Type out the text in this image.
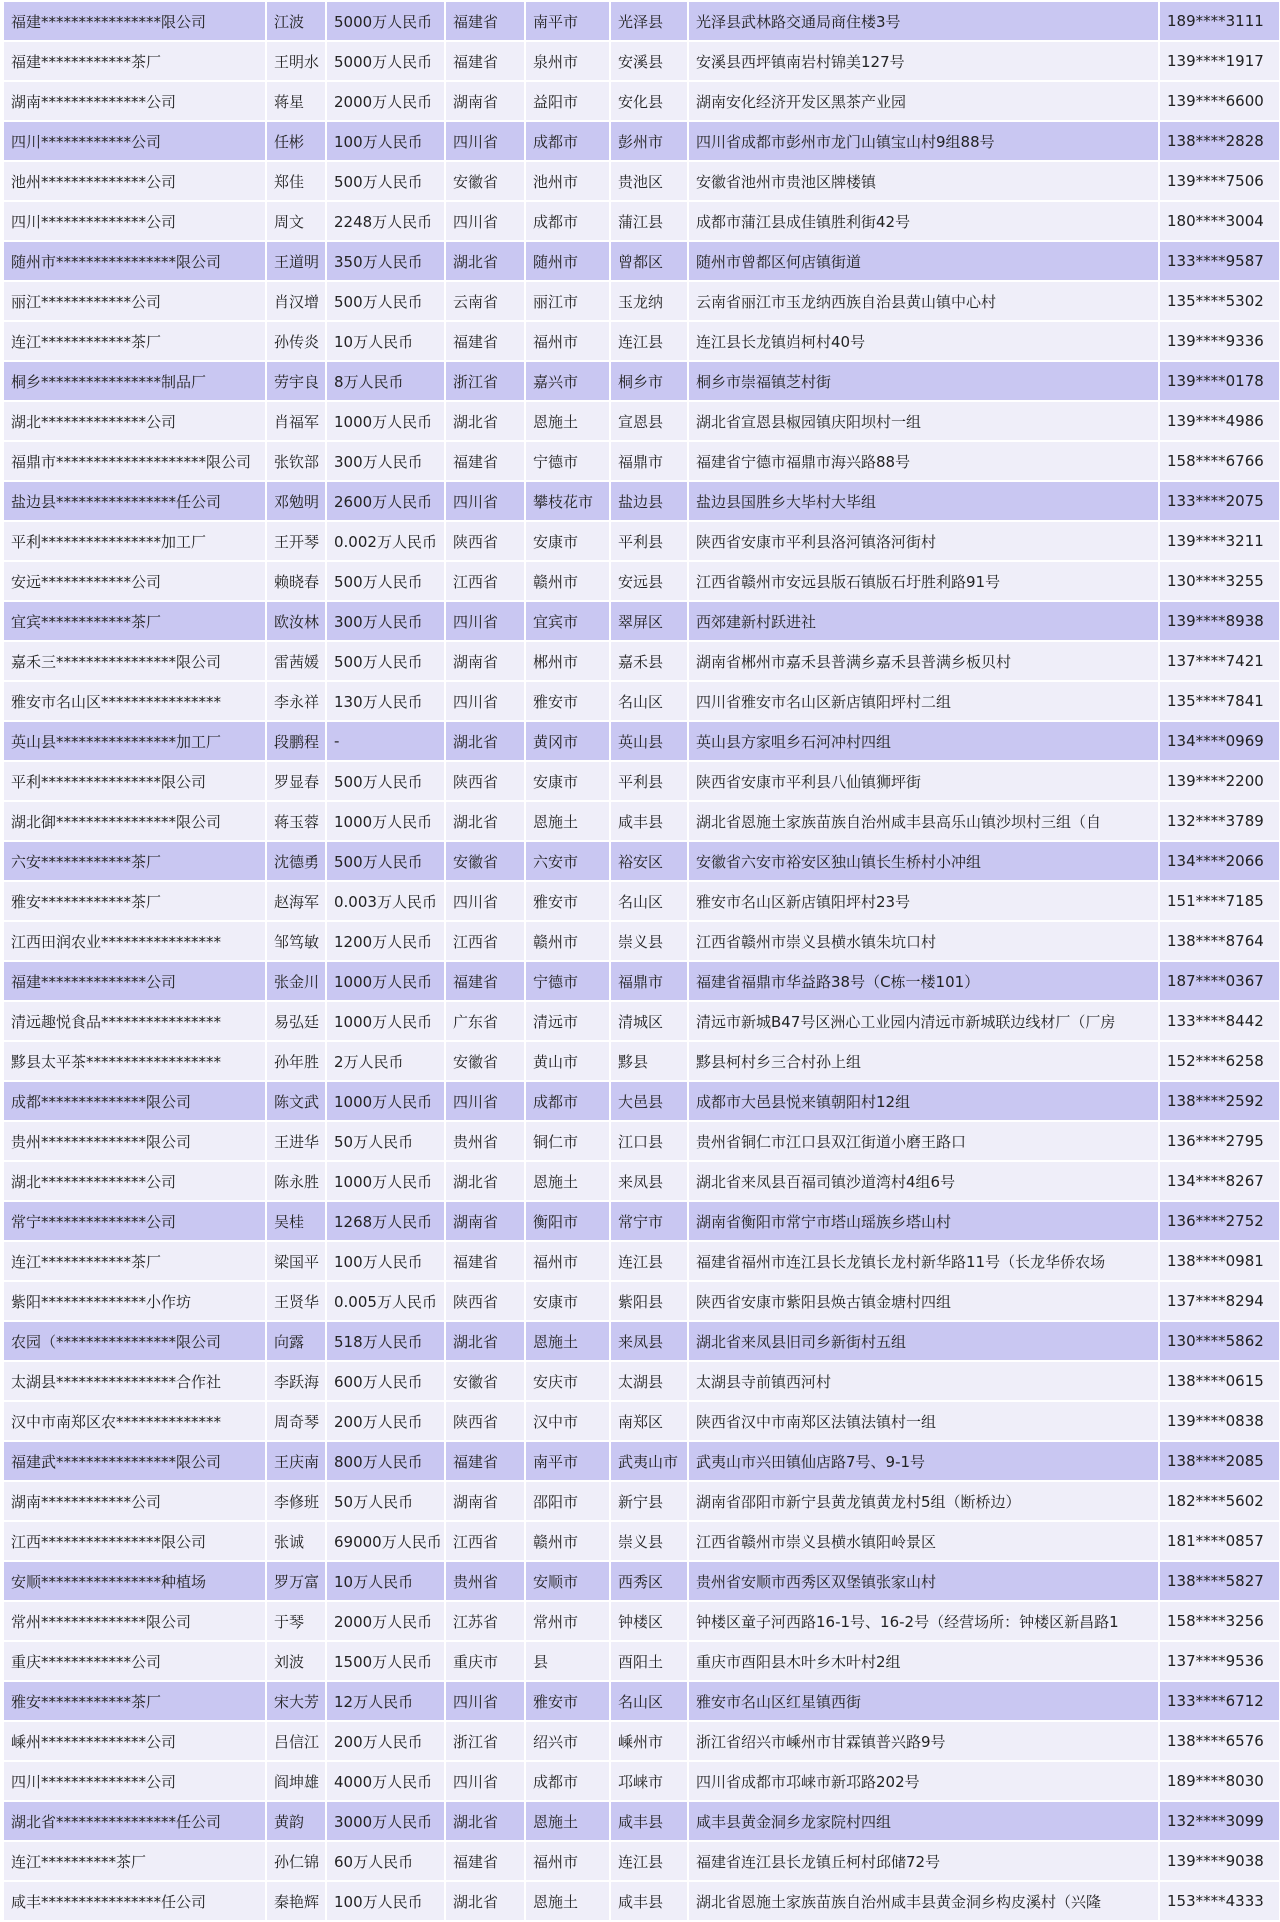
福建****************限公司	江波	5000万人民币	福建省	南平市	光泽县	光泽县武林路交通局商住楼3号	189****3111
福建************茶厂	王明水	5000万人民币	福建省	泉州市	安溪县	安溪县西坪镇南岩村锦美127号	139****1917
湖南**************公司	蒋星	2000万人民币	湖南省	益阳市	安化县	湖南安化经济开发区黑茶产业园	139****6600
四川************公司	任彬	100万人民币	四川省	成都市	彭州市	四川省成都市彭州市龙门山镇宝山村9组88号	138****2828
池州**************公司	郑佳	500万人民币	安徽省	池州市	贵池区	安徽省池州市贵池区牌楼镇	139****7506
四川**************公司	周文	2248万人民币	四川省	成都市	蒲江县	成都市蒲江县成佳镇胜利街42号	180****3004
随州市****************限公司	王道明	350万人民币	湖北省	随州市	曾都区	随州市曾都区何店镇街道	133****9587
丽江************公司	肖汉增	500万人民币	云南省	丽江市	玉龙纳	云南省丽江市玉龙纳西族自治县黄山镇中心村	135****5302
连江************茶厂	孙传炎	10万人民币	福建省	福州市	连江县	连江县长龙镇岿柯村40号	139****9336
桐乡****************制品厂	劳宇良	8万人民币	浙江省	嘉兴市	桐乡市	桐乡市崇福镇芝村街	139****0178
湖北**************公司	肖福军	1000万人民币	湖北省	恩施土	宣恩县	湖北省宣恩县椒园镇庆阳坝村一组	139****4986
福鼎市********************限公司	张钦部	300万人民币	福建省	宁德市	福鼎市	福建省宁德市福鼎市海兴路88号	158****6766
盐边县****************任公司	邓勉明	2600万人民币	四川省	攀枝花市	盐边县	盐边县国胜乡大毕村大毕组	133****2075
平利****************加工厂	王开琴	0.002万人民币	陕西省	安康市	平利县	陕西省安康市平利县洛河镇洛河街村	139****3211
安远************公司	赖晓春	500万人民币	江西省	赣州市	安远县	江西省赣州市安远县版石镇版石圩胜利路91号	130****3255
宜宾************茶厂	欧汝林	300万人民币	四川省	宜宾市	翠屏区	西郊建新村跃进社	139****8938
嘉禾三****************限公司	雷茜媛	500万人民币	湖南省	郴州市	嘉禾县	湖南省郴州市嘉禾县普满乡嘉禾县普满乡板贝村	137****7421
雅安市名山区****************	李永祥	130万人民币	四川省	雅安市	名山区	四川省雅安市名山区新店镇阳坪村二组	135****7841
英山县****************加工厂	段鹏程	-	湖北省	黄冈市	英山县	英山县方家咀乡石河冲村四组	134****0969
平利****************限公司	罗显春	500万人民币	陕西省	安康市	平利县	陕西省安康市平利县八仙镇狮坪街	139****2200
湖北御****************限公司	蒋玉蓉	1000万人民币	湖北省	恩施土	咸丰县	湖北省恩施土家族苗族自治州咸丰县高乐山镇沙坝村三组（自	132****3789
六安************茶厂	沈德勇	500万人民币	安徽省	六安市	裕安区	安徽省六安市裕安区独山镇长生桥村小冲组	134****2066
雅安************茶厂	赵海军	0.003万人民币	四川省	雅安市	名山区	雅安市名山区新店镇阳坪村23号	151****7185
江西田润农业****************	邹笃敏	1200万人民币	江西省	赣州市	崇义县	江西省赣州市崇义县横水镇朱坑口村	138****8764
福建**************公司	张金川	1000万人民币	福建省	宁德市	福鼎市	福建省福鼎市华益路38号（C栋一楼101）	187****0367
清远趣悦食品****************	易弘廷	1000万人民币	广东省	清远市	清城区	清远市新城B47号区洲心工业园内清远市新城联边线材厂（厂房	133****8442
黟县太平茶******************	孙年胜	2万人民币	安徽省	黄山市	黟县	黟县柯村乡三合村孙上组	152****6258
成都**************限公司	陈文武	1000万人民币	四川省	成都市	大邑县	成都市大邑县悦来镇朝阳村12组	138****2592
贵州**************限公司	王进华	50万人民币	贵州省	铜仁市	江口县	贵州省铜仁市江口县双江街道小磨王路口	136****2795
湖北**************公司	陈永胜	1000万人民币	湖北省	恩施土	来凤县	湖北省来凤县百福司镇沙道湾村4组6号	134****8267
常宁**************公司	吴桂	1268万人民币	湖南省	衡阳市	常宁市	湖南省衡阳市常宁市塔山瑶族乡塔山村	136****2752
连江************茶厂	梁国平	100万人民币	福建省	福州市	连江县	福建省福州市连江县长龙镇长龙村新华路11号（长龙华侨农场	138****0981
紫阳**************小作坊	王贤华	0.005万人民币	陕西省	安康市	紫阳县	陕西省安康市紫阳县焕古镇金塘村四组	137****8294
农园（****************限公司	向露	518万人民币	湖北省	恩施土	来凤县	湖北省来凤县旧司乡新街村五组	130****5862
太湖县****************合作社	李跃海	600万人民币	安徽省	安庆市	太湖县	太湖县寺前镇西河村	138****0615
汉中市南郑区农**************	周奇琴	200万人民币	陕西省	汉中市	南郑区	陕西省汉中市南郑区法镇法镇村一组	139****0838
福建武****************限公司	王庆南	800万人民币	福建省	南平市	武夷山市	武夷山市兴田镇仙店路7号、9-1号	138****2085
湖南************公司	李修班	50万人民币	湖南省	邵阳市	新宁县	湖南省邵阳市新宁县黄龙镇黄龙村5组（断桥边）	182****5602
江西****************限公司	张诚	69000万人民币	江西省	赣州市	崇义县	江西省赣州市崇义县横水镇阳岭景区	181****0857
安顺****************种植场	罗万富	10万人民币	贵州省	安顺市	西秀区	贵州省安顺市西秀区双堡镇张家山村	138****5827
常州**************限公司	于琴	2000万人民币	江苏省	常州市	钟楼区	钟楼区童子河西路16-1号、16-2号（经营场所：钟楼区新昌路1	158****3256
重庆************公司	刘波	1500万人民币	重庆市	县	酉阳土	重庆市酉阳县木叶乡木叶村2组	137****9536
雅安************茶厂	宋大芳	12万人民币	四川省	雅安市	名山区	雅安市名山区红星镇西街	133****6712
嵊州**************公司	吕信江	200万人民币	浙江省	绍兴市	嵊州市	浙江省绍兴市嵊州市甘霖镇普兴路9号	138****6576
四川**************公司	阎坤雄	4000万人民币	四川省	成都市	邛崃市	四川省成都市邛崃市新邛路202号	189****8030
湖北省****************任公司	黄韵	3000万人民币	湖北省	恩施土	咸丰县	咸丰县黄金洞乡龙家院村四组	132****3099
连江**********茶厂	孙仁锦	60万人民币	福建省	福州市	连江县	福建省连江县长龙镇丘柯村邱储72号	139****9038
咸丰****************任公司	秦艳辉	100万人民币	湖北省	恩施土	咸丰县	湖北省恩施土家族苗族自治州咸丰县黄金洞乡构皮溪村（兴隆	153****4333
